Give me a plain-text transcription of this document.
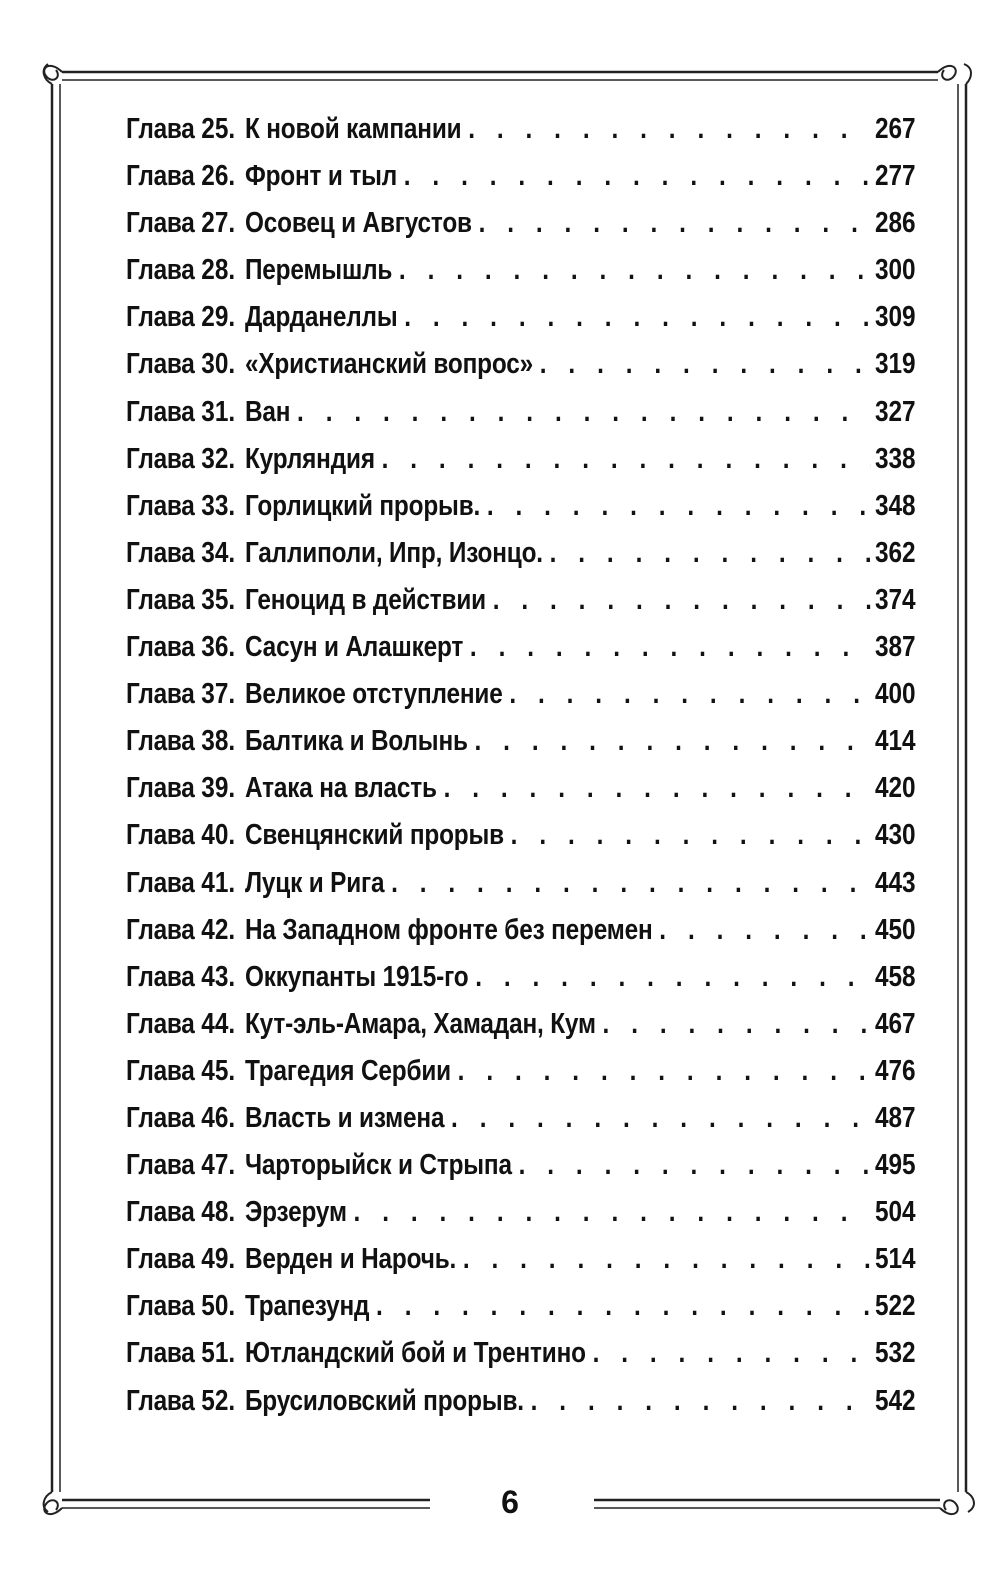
Глава 25. К новой кампании . . .	267
Глава 26. Фронт и тыл . . .	277
Глава 27. Осовец и Августов . . .	286
Глава 28. Перемышль . . .	300
Глава 29. Дарданеллы . . .	309
Глава 30. «Христианский вопрос» . . .	319
Глава 31. Ван . . .	327
Глава 32. Курляндия . . .	338
Глава 33. Горлицкий прорыв. . . .	348
Глава 34. Галлиполи, Ипр, Изонцо. . . .	362
Глава 35. Геноцид в действии . . .	374
Глава 36. Сасун и Алашкерт . . .	387
Глава 37. Великое отступление . . .	400
Глава 38. Балтика и Волынь . . .	414
Глава 39. Атака на власть . . .	420
Глава 40. Свенцянский прорыв . . .	430
Глава 41. Луцк и Рига . . .	443
Глава 42. На Западном фронте без перемен . . .	450
Глава 43. Оккупанты 1915-го . . .	458
Глава 44. Кут-эль-Амара, Хамадан, Кум . . .	467
Глава 45. Трагедия Сербии . . .	476
Глава 46. Власть и измена . . .	487
Глава 47. Чарторыйск и Стрыпа . . .	495
Глава 48. Эрзерум . . .	504
Глава 49. Верден и Нарочь. . . .	514
Глава 50. Трапезунд . . .	522
Глава 51. Ютландский бой и Трентино . . .	532
Глава 52. Брусиловский прорыв. . . .	542
6
